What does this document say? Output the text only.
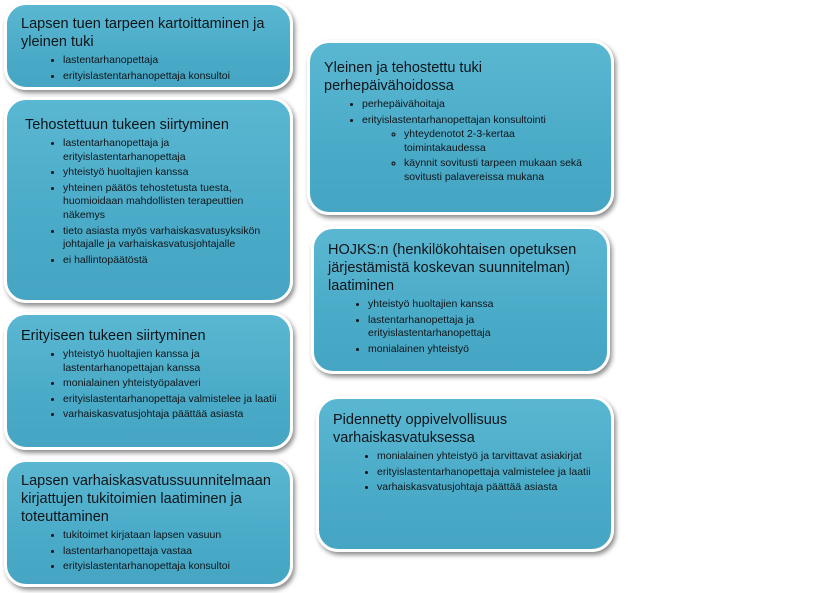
Lapsen tuen tarpeen kartoittaminen ja yleinen tuki
• lastentarhanopettaja
• erityislastentarhanopettaja konsultoi
Tehostettuun tukeen siirtyminen
• lastentarhanopettaja ja erityislastentarhanopettaja
• yhteistyö huoltajien kanssa
• yhteinen päätös tehostetusta tuesta, huomioidaan mahdollisten terapeuttien näkemys
• tieto asiasta myös varhaiskasvatusyksikön johtajalle ja varhaiskasvatusjohtajalle
• ei hallintopäätöstä
Erityiseen tukeen siirtyminen
• yhteistyö huoltajien kanssa ja lastentarhanopettajan kanssa
• monialainen yhteistyöpalaveri
• erityislastentarhanopettaja valmistelee ja laatii
• varhaiskasvatusjohtaja päättää asiasta
Lapsen varhaiskasvatussuunnitelmaan kirjattujen tukitoimien laatiminen ja toteuttaminen
• tukitoimet kirjataan lapsen vasuun
• lastentarhanopettaja vastaa
• erityislastentarhanopettaja konsultoi
Yleinen ja tehostettu tuki perhepäivähoidossa
• perhepäivähoitaja
• erityislastentarhanopettajan konsultointi
◦ yhteydenotot 2-3-kertaa toimintakaudessa
◦ käynnit sovitusti tarpeen mukaan sekä sovitusti palavereissa mukana
HOJKS:n (henkilökohtaisen opetuksen järjestämistä koskevan suunnitelman) laatiminen
• yhteistyö huoltajien kanssa
• lastentarhanopettaja ja erityislastentarhanopettaja
• monialainen yhteistyö
Pidennetty oppivelvollisuus varhaiskasvatuksessa
• monialainen yhteistyö ja tarvittavat asiakirjat
• erityislastentarhanopettaja valmistelee ja laatii
• varhaiskasvatusjohtaja päättää asiasta
